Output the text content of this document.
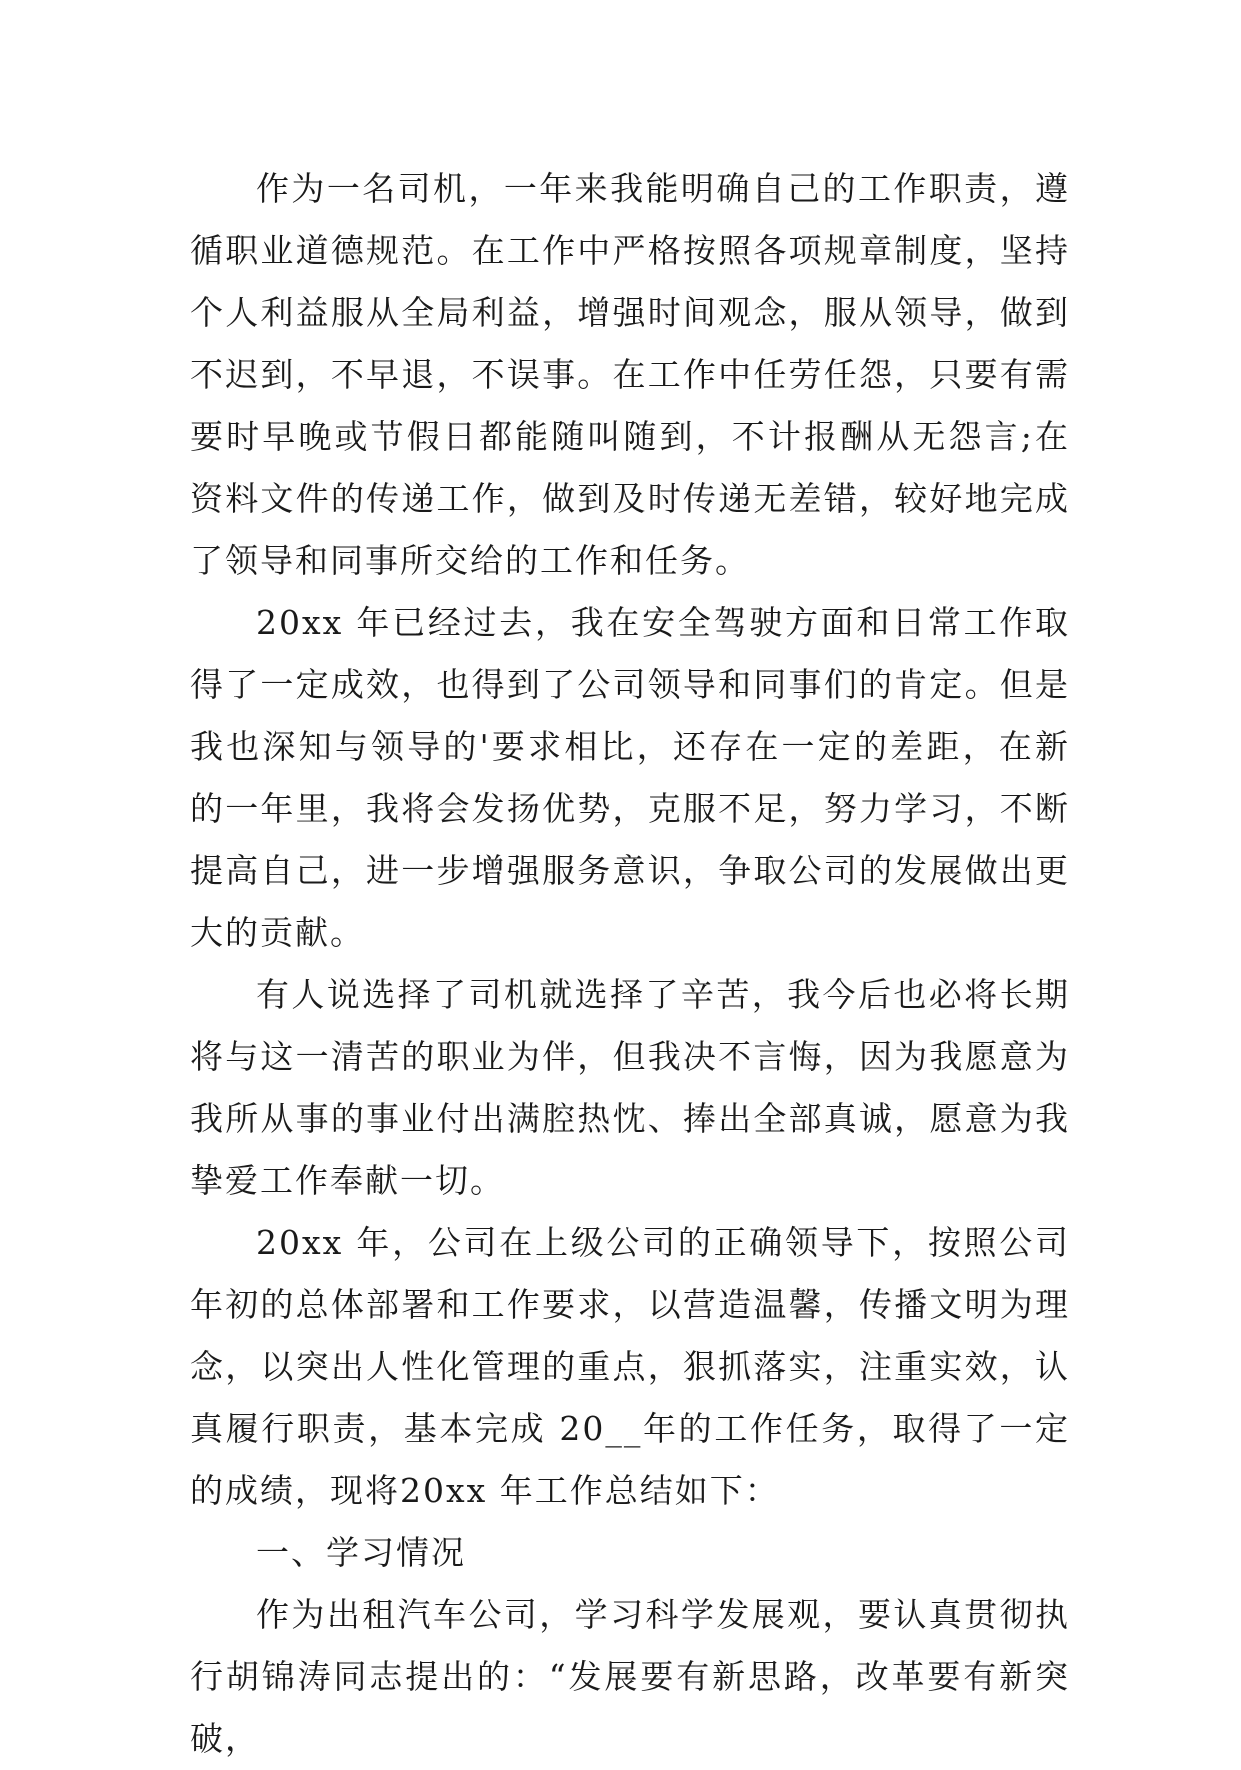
作为一名司机，一年来我能明确自己的工作职责，遵循职业道德规范。在工作中严格按照各项规章制度，坚持个人利益服从全局利益，增强时间观念，服从领导，做到不迟到，不早退，不误事。在工作中任劳任怨，只要有需要时早晚或节假日都能随叫随到，不计报酬从无怨言;在资料文件的传递工作，做到及时传递无差错，较好地完成了领导和同事所交给的工作和任务。

20xx 年已经过去，我在安全驾驶方面和日常工作取得了一定成效，也得到了公司领导和同事们的肯定。但是我也深知与领导的'要求相比，还存在一定的差距，在新的一年里，我将会发扬优势，克服不足，努力学习，不断提高自己，进一步增强服务意识，争取公司的发展做出更大的贡献。

有人说选择了司机就选择了辛苦，我今后也必将长期将与这一清苦的职业为伴，但我决不言悔，因为我愿意为我所从事的事业付出满腔热忱、捧出全部真诚，愿意为我挚爱工作奉献一切。

20xx 年，公司在上级公司的正确领导下，按照公司年初的总体部署和工作要求，以营造温馨，传播文明为理念，以突出人性化管理的重点，狠抓落实，注重实效，认真履行职责，基本完成 20__年的工作任务，取得了一定的成绩，现将20xx 年工作总结如下：

一、学习情况

作为出租汽车公司，学习科学发展观，要认真贯彻执行胡锦涛同志提出的：“发展要有新思路，改革要有新突破，
